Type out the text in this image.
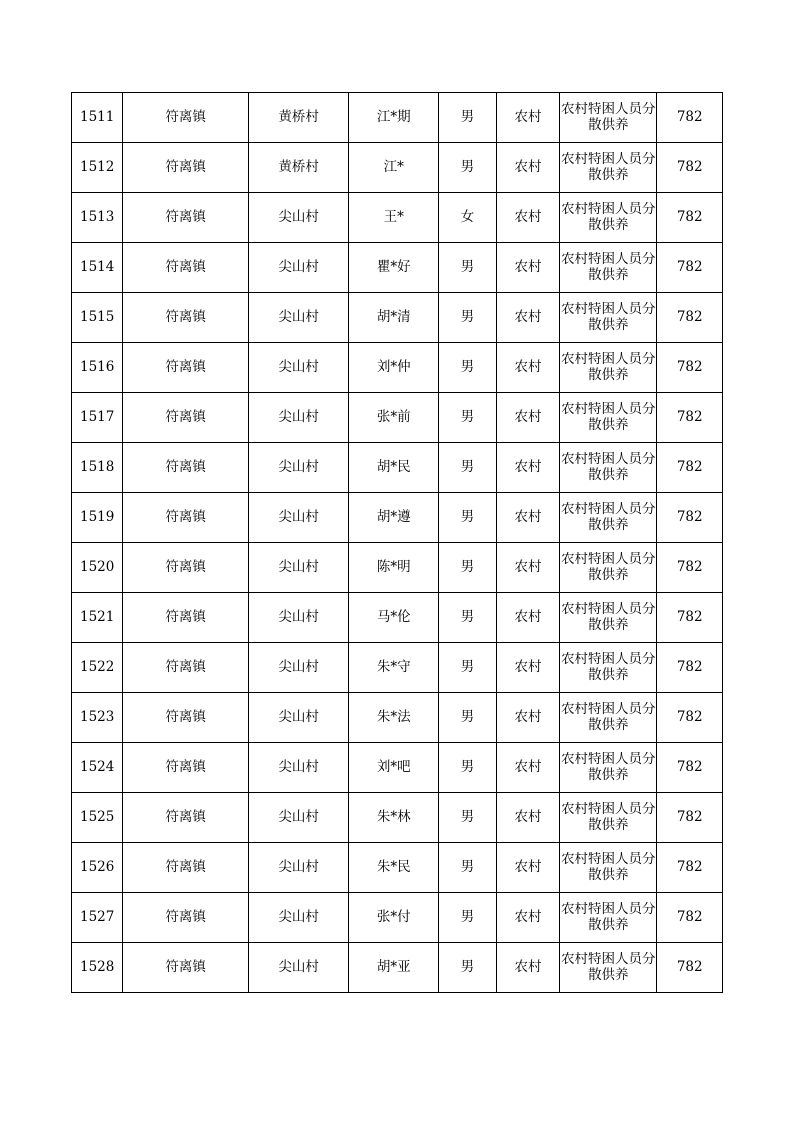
1511	符离镇	黄桥村	江*期	男	农村	农村特困人员分散供养	782
1512	符离镇	黄桥村	江*	男	农村	农村特困人员分散供养	782
1513	符离镇	尖山村	王*	女	农村	农村特困人员分散供养	782
1514	符离镇	尖山村	瞿*好	男	农村	农村特困人员分散供养	782
1515	符离镇	尖山村	胡*清	男	农村	农村特困人员分散供养	782
1516	符离镇	尖山村	刘*仲	男	农村	农村特困人员分散供养	782
1517	符离镇	尖山村	张*前	男	农村	农村特困人员分散供养	782
1518	符离镇	尖山村	胡*民	男	农村	农村特困人员分散供养	782
1519	符离镇	尖山村	胡*遵	男	农村	农村特困人员分散供养	782
1520	符离镇	尖山村	陈*明	男	农村	农村特困人员分散供养	782
1521	符离镇	尖山村	马*伦	男	农村	农村特困人员分散供养	782
1522	符离镇	尖山村	朱*守	男	农村	农村特困人员分散供养	782
1523	符离镇	尖山村	朱*法	男	农村	农村特困人员分散供养	782
1524	符离镇	尖山村	刘*吧	男	农村	农村特困人员分散供养	782
1525	符离镇	尖山村	朱*林	男	农村	农村特困人员分散供养	782
1526	符离镇	尖山村	朱*民	男	农村	农村特困人员分散供养	782
1527	符离镇	尖山村	张*付	男	农村	农村特困人员分散供养	782
1528	符离镇	尖山村	胡*亚	男	农村	农村特困人员分散供养	782
